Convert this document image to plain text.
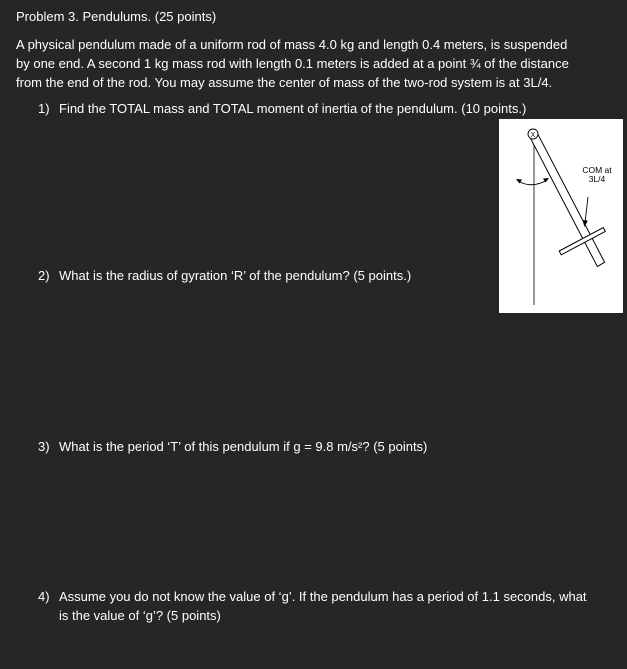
Problem 3. Pendulums. (25 points)
A physical pendulum made of a uniform rod of mass 4.0 kg and length 0.4 meters, is suspended by one end. A second 1 kg mass rod with length 0.1 meters is added at a point ¾ of the distance from the end of the rod. You may assume the center of mass of the two-rod system is at 3L/4.
1) Find the TOTAL mass and TOTAL moment of inertia of the pendulum. (10 points.)
2) What is the radius of gyration ‘R’ of the pendulum? (5 points.)
3) What is the period ‘T’ of this pendulum if g = 9.8 m/s²? (5 points)
4) Assume you do not know the value of ‘g’. If the pendulum has a period of 1.1 seconds, what is the value of ‘g’? (5 points)
X
COM at
3L/4
